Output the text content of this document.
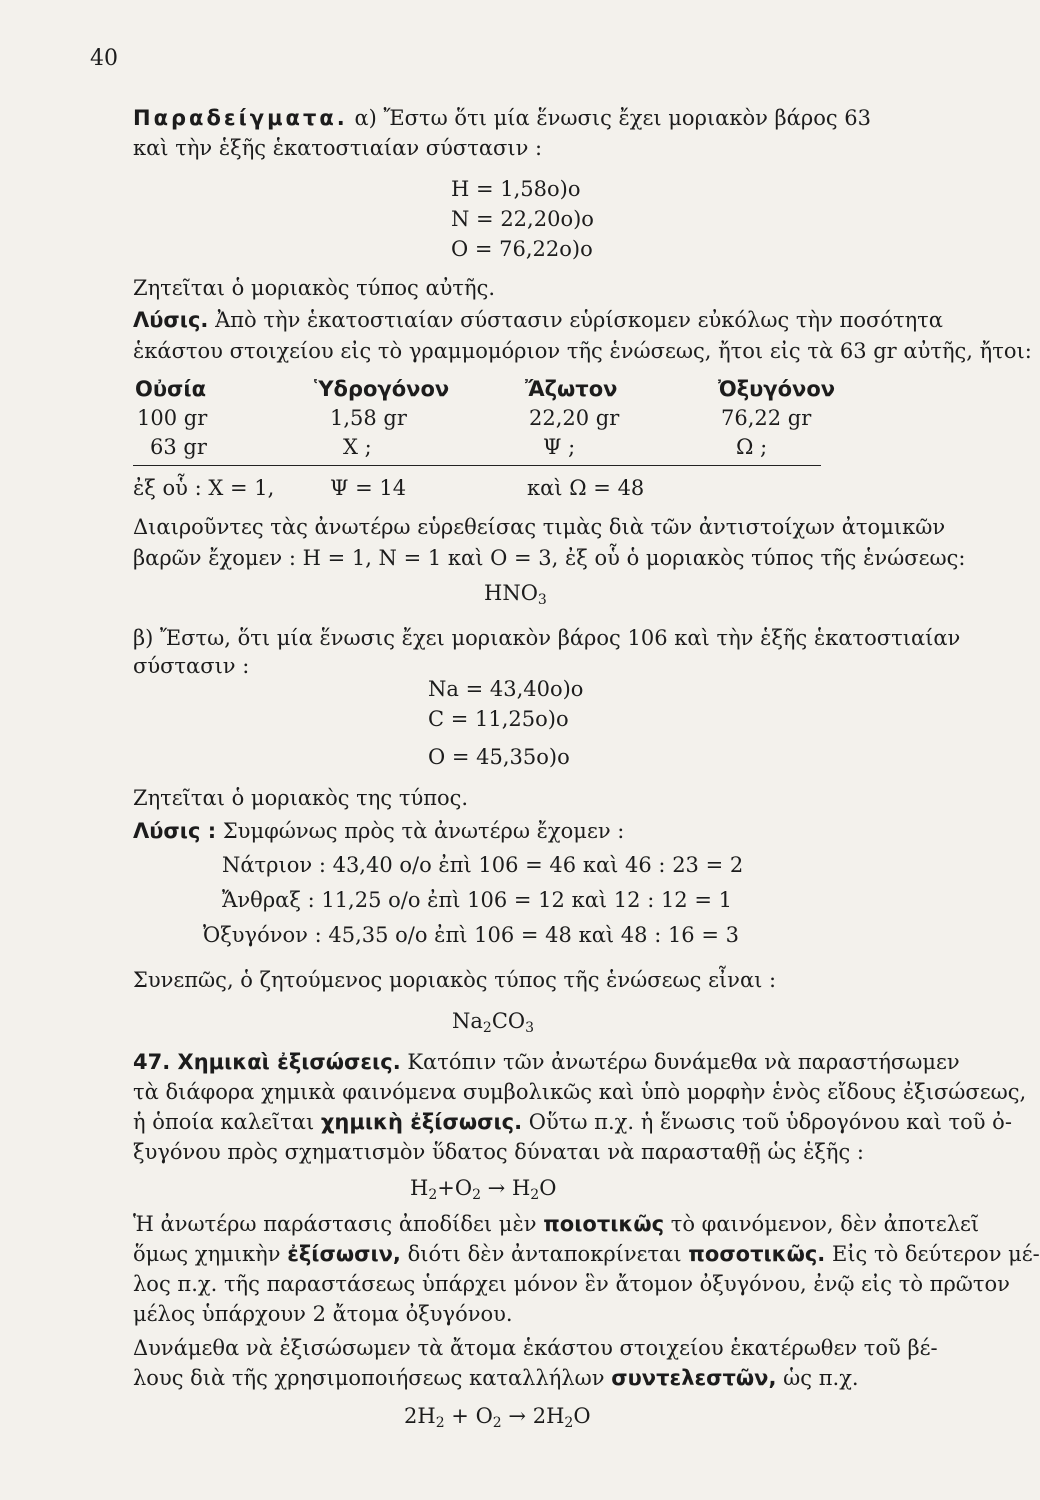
40
Παραδείγματα. α) Ἔστω ὅτι μία ἕνωσις ἔχει μοριακὸν βάρος 63
καὶ τὴν ἑξῆς ἑκατοστιαίαν σύστασιν :
H = 1,58ο)ο
N = 22,20ο)ο
O = 76,22ο)ο
Ζητεῖται ὁ μοριακὸς τύπος αὐτῆς.
Λύσις. Ἀπὸ τὴν ἑκατοστιαίαν σύστασιν εὑρίσκομεν εὐκόλως τὴν ποσότητα
ἑκάστου στοιχείου εἰς τὸ γραμμομόριον τῆς ἑνώσεως, ἤτοι εἰς τὰ 63 gr αὐτῆς, ἤτοι:
Οὐσία	Ὑδρογόνον	Ἄζωτον	Ὀξυγόνον
100 gr	1,58 gr	22,20 gr	76,22 gr
63 gr	X ;	Ψ ;	Ω ;
ἐξ οὗ : X = 1,	Ψ = 14	καὶ Ω = 48
Διαιροῦντες τὰς ἀνωτέρω εὑρεθείσας τιμὰς διὰ τῶν ἀντιστοίχων ἀτομικῶν
βαρῶν ἔχομεν : H = 1, N = 1 καὶ O = 3, ἐξ οὗ ὁ μοριακὸς τύπος τῆς ἑνώσεως:
$HNO_3$
β) Ἔστω, ὅτι μία ἕνωσις ἔχει μοριακὸν βάρος 106 καὶ τὴν ἑξῆς ἑκατοστιαίαν
σύστασιν :
Na = 43,40ο)ο
C = 11,25ο)ο
O = 45,35ο)ο
Ζητεῖται ὁ μοριακὸς της τύπος.
Λύσις : Συμφώνως πρὸς τὰ ἀνωτέρω ἔχομεν :
Νάτριον : 43,40 ο/ο ἐπὶ 106 = 46 καὶ 46 : 23 = 2
Ἄνθραξ : 11,25 ο/ο ἐπὶ 106 = 12 καὶ 12 : 12 = 1
Ὀξυγόνον : 45,35 ο/ο ἐπὶ 106 = 48 καὶ 48 : 16 = 3
Συνεπῶς, ὁ ζητούμενος μοριακὸς τύπος τῆς ἑνώσεως εἶναι :
$Na_2CO_3$
47. Χημικαὶ ἐξισώσεις. Κατόπιν τῶν ἀνωτέρω δυνάμεθα νὰ παραστήσωμεν
τὰ διάφορα χημικὰ φαινόμενα συμβολικῶς καὶ ὑπὸ μορφὴν ἑνὸς εἴδους ἐξισώσεως,
ἡ ὁποία καλεῖται χημικὴ ἐξίσωσις. Οὕτω π.χ. ἡ ἕνωσις τοῦ ὑδρογόνου καὶ τοῦ ὀ-
ξυγόνου πρὸς σχηματισμὸν ὕδατος δύναται νὰ παρασταθῇ ὡς ἑξῆς :
$H_2+O_2 \to H_2O$
Ἡ ἀνωτέρω παράστασις ἀποδίδει μὲν ποιοτικῶς τὸ φαινόμενον, δὲν ἀποτελεῖ
ὅμως χημικὴν ἐξίσωσιν, διότι δὲν ἀνταποκρίνεται ποσοτικῶς. Εἰς τὸ δεύτερον μέ-
λος π.χ. τῆς παραστάσεως ὑπάρχει μόνον ἓν ἄτομον ὀξυγόνου, ἐνῷ εἰς τὸ πρῶτον
μέλος ὑπάρχουν 2 ἄτομα ὀξυγόνου.
Δυνάμεθα νὰ ἐξισώσωμεν τὰ ἄτομα ἑκάστου στοιχείου ἑκατέρωθεν τοῦ βέ-
λους διὰ τῆς χρησιμοποιήσεως καταλλήλων συντελεστῶν, ὡς π.χ.
$2H_2 + O_2 \to 2H_2O$
